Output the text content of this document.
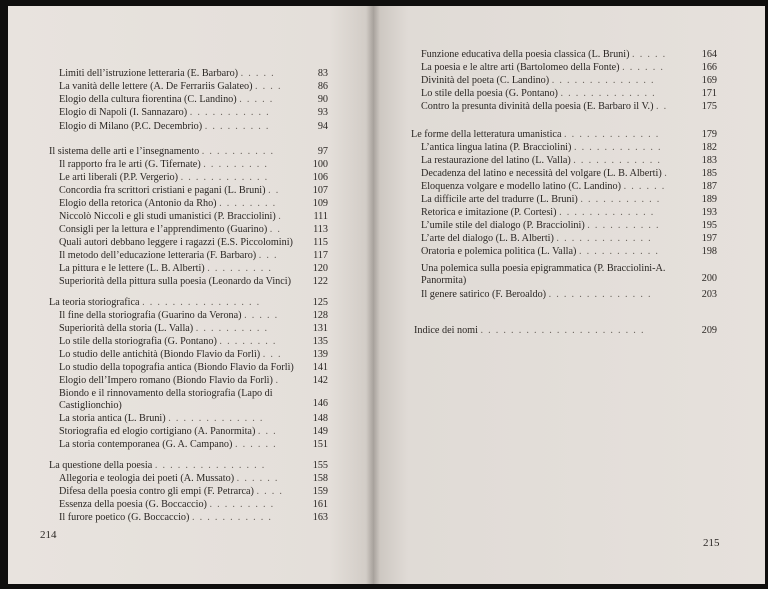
Limiti dell’istruzione letteraria (E. Barbaro) .  .  .  .  .	83
La vanità delle lettere (A. De Ferrariis Galateo) .  .  .  .	86
Elogio della cultura fiorentina (C. Landino) .  .  .  .  .	90
Elogio di Napoli (I. Sannazaro) .  .  .  .  .  .  .  .  .  .  .	93
Elogio di Milano (P.C. Decembrio) .  .  .  .  .  .  .  .  .	94
Il sistema delle arti e l’insegnamento .  .  .  .  .  .  .  .  .  .	97
Il rapporto fra le arti (G. Tifernate) .  .  .  .  .  .  .  .  .	100
Le arti liberali (P.P. Vergerio) .  .  .  .  .  .  .  .  .  .  .  .	106
Concordia fra scrittori cristiani e pagani (L. Bruni) .  .	107
Elogio della retorica (Antonio da Rho) .  .  .  .  .  .  .  .	109
Niccolò Niccoli e gli studi umanistici (P. Bracciolini) .	111
Consigli per la lettura e l’apprendimento (Guarino) .  .	113
Quali autori debbano leggere i ragazzi (E.S. Piccolomini)	115
Il metodo dell’educazione letteraria (F. Barbaro) .  .  .	117
La pittura e le lettere (L. B. Alberti) .  .  .  .  .  .  .  .  .	120
Superiorità della pittura sulla poesia (Leonardo da Vinci)	122
La teoria storiografica .  .  .  .  .  .  .  .  .  .  .  .  .  .  .  .	125
Il fine della storiografia (Guarino da Verona) .  .  .  .  .	128
Superiorità della storia (L. Valla) .  .  .  .  .  .  .  .  .  .	131
Lo stile della storiografia (G. Pontano) .  .  .  .  .  .  .  .	135
Lo studio delle antichità (Biondo Flavio da Forlì) .  .  .	139
Lo studio della topografia antica (Biondo Flavio da Forlì)	141
Elogio dell’Impero romano (Biondo Flavio da Forlì) .	142
Biondo e il rinnovamento della storiografia (Lapo di Castiglionchio)	146
La storia antica (L. Bruni) .  .  .  .  .  .  .  .  .  .  .  .  .	148
Storiografia ed elogio cortigiano (A. Panormita) .  .  .	149
La storia contemporanea (G. A. Campano) .  .  .  .  .  .	151
La questione della poesia .  .  .  .  .  .  .  .  .  .  .  .  .  .  .	155
Allegoria e teologia dei poeti (A. Mussato) .  .  .  .  .  .	158
Difesa della poesia contro gli empi (F. Petrarca) .  .  .  .	159
Essenza della poesia (G. Boccaccio) .  .  .  .  .  .  .  .  .	161
Il furore poetico (G. Boccaccio) .  .  .  .  .  .  .  .  .  .  .	163
Funzione educativa della poesia classica (L. Bruni) .  .  .  .  .	164
La poesia e le altre arti (Bartolomeo della Fonte) .  .  .  .  .  .	166
Divinità del poeta (C. Landino) .  .  .  .  .  .  .  .  .  .  .  .  .  .	169
Lo stile della poesia (G. Pontano) .  .  .  .  .  .  .  .  .  .  .  .  .	171
Contro la presunta divinità della poesia (E. Barbaro il V.) .  .	175
Le forme della letteratura umanistica .  .  .  .  .  .  .  .  .  .  .  .  .	179
L’antica lingua latina (P. Bracciolini) .  .  .  .  .  .  .  .  .  .  .  .	182
La restaurazione del latino (L. Valla) .  .  .  .  .  .  .  .  .  .  .  .	183
Decadenza del latino e necessità del volgare (L. B. Alberti) .	185
Eloquenza volgare e modello latino (C. Landino) .  .  .  .  .  .	187
La difficile arte del tradurre (L. Bruni) .  .  .  .  .  .  .  .  .  .  .	189
Retorica e imitazione (P. Cortesi) .  .  .  .  .  .  .  .  .  .  .  .  .	193
L’umile stile del dialogo (P. Bracciolini) .  .  .  .  .  .  .  .  .  .	195
L’arte del dialogo (L. B. Alberti) .  .  .  .  .  .  .  .  .  .  .  .  .	197
Oratoria e polemica politica (L. Valla) .  .  .  .  .  .  .  .  .  .  .	198
Una polemica sulla poesia epigrammatica (P. Bracciolini-A. Panormita)	200
Il genere satirico (F. Beroaldo) .  .  .  .  .  .  .  .  .  .  .  .  .  .	203
Indice dei nomi .  .  .  .  .  .  .  .  .  .  .  .  .  .  .  .  .  .  .  .  .  .	209
214
215
